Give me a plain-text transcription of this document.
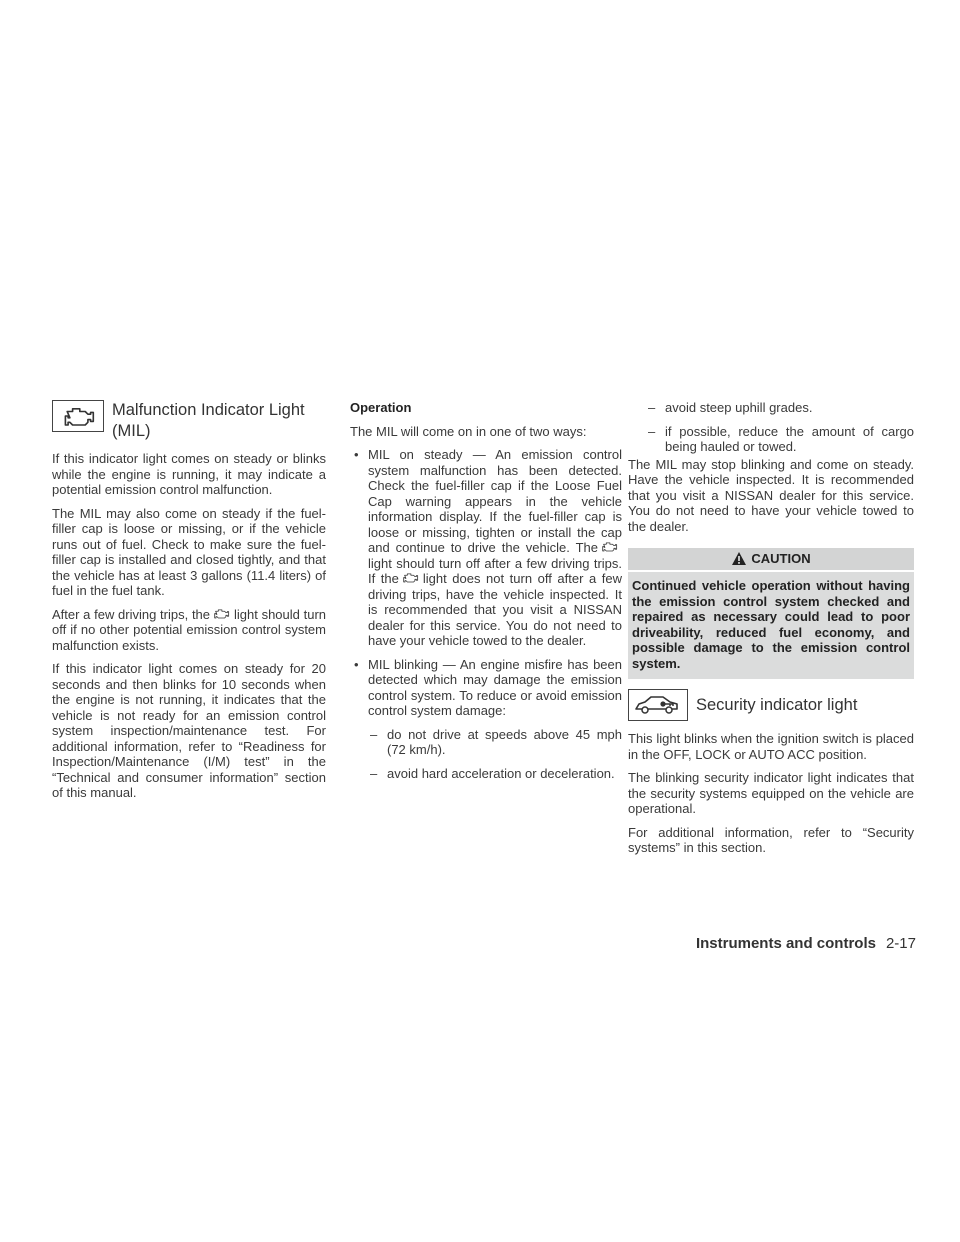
Malfunction Indicator Light (MIL)

If this indicator light comes on steady or blinks while the engine is running, it may indicate a potential emission control malfunction.

The MIL may also come on steady if the fuel-filler cap is loose or missing, or if the vehicle runs out of fuel. Check to make sure the fuel-filler cap is installed and closed tightly, and that the vehicle has at least 3 gallons (11.4 liters) of fuel in the fuel tank.

After a few driving trips, the light should turn off if no other potential emission control system malfunction exists.

If this indicator light comes on steady for 20 seconds and then blinks for 10 seconds when the engine is not running, it indicates that the vehicle is not ready for an emission control system inspection/maintenance test. For additional information, refer to “Readiness for Inspection/Maintenance (I/M) test” in the “Technical and consumer information” section of this manual.

Operation

The MIL will come on in one of two ways:

• MIL on steady — An emission control system malfunction has been detected. Check the fuel-filler cap if the Loose Fuel Cap warning appears in the vehicle information display. If the fuel-filler cap is loose or missing, tighten or install the cap and continue to drive the vehicle. Thelight should turn off after a few driving trips. If the light does not turn off after a few driving trips, have the vehicle inspected. It is recommended that you visit a NISSAN dealer for this service. You do not need to have your vehicle towed to the dealer.
• MIL blinking — An engine misfire has been detected which may damage the emission control system. To reduce or avoid emission control system damage:
– do not drive at speeds above 45 mph (72 km/h).
– avoid hard acceleration or deceleration.
– avoid steep uphill grades.
– if possible, reduce the amount of cargo being hauled or towed.

The MIL may stop blinking and come on steady. Have the vehicle inspected. It is recommended that you visit a NISSAN dealer for this service. You do not need to have your vehicle towed to the dealer.

CAUTION
Continued vehicle operation without having the emission control system checked and repaired as necessary could lead to poor driveability, reduced fuel economy, and possible damage to the emission control system.
Security indicator light

This light blinks when the ignition switch is placed in the OFF, LOCK or AUTO ACC position.

The blinking security indicator light indicates that the security systems equipped on the vehicle are operational.

For additional information, refer to “Security systems” in this section.

Instruments and controls 2-17
